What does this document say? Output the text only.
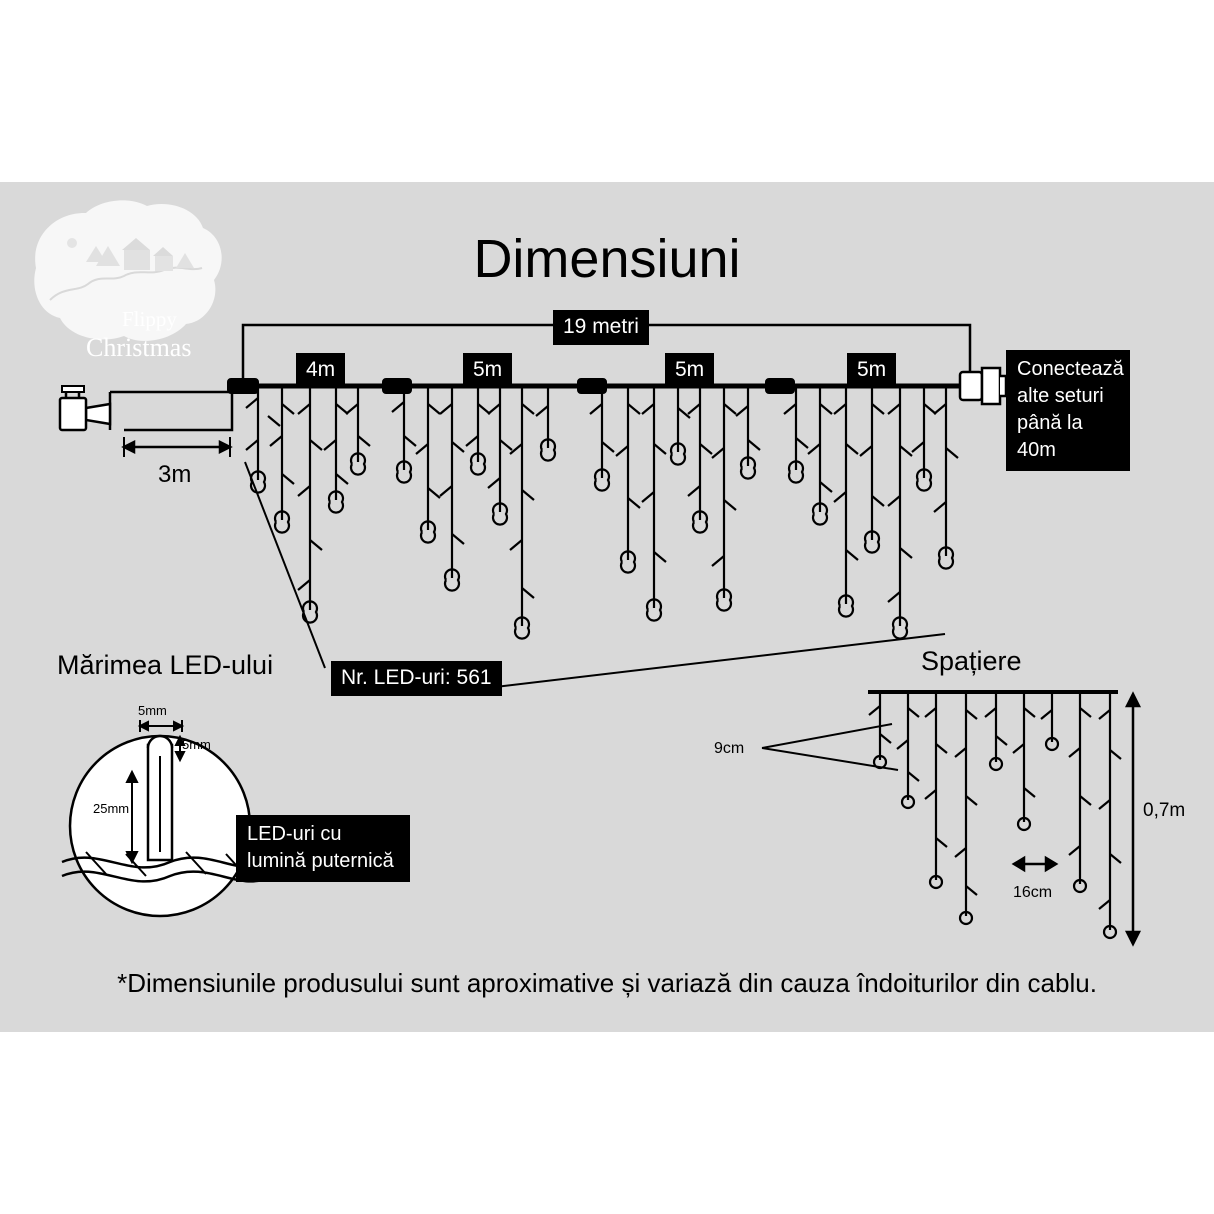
Dimensiuni
Flippy
Christmas
19 metri
4m	5m	5m	5m	Conectează alte seturi până la 40m
3m
Nr. LED-uri: 561
Mărimea LED-ului
5mm
5mm
25mm
LED-uri cu lumină puternică
Spațiere
9cm
0,7m
16cm
*Dimensiunile produsului sunt aproximative și variază din cauza îndoiturilor din cablu.
